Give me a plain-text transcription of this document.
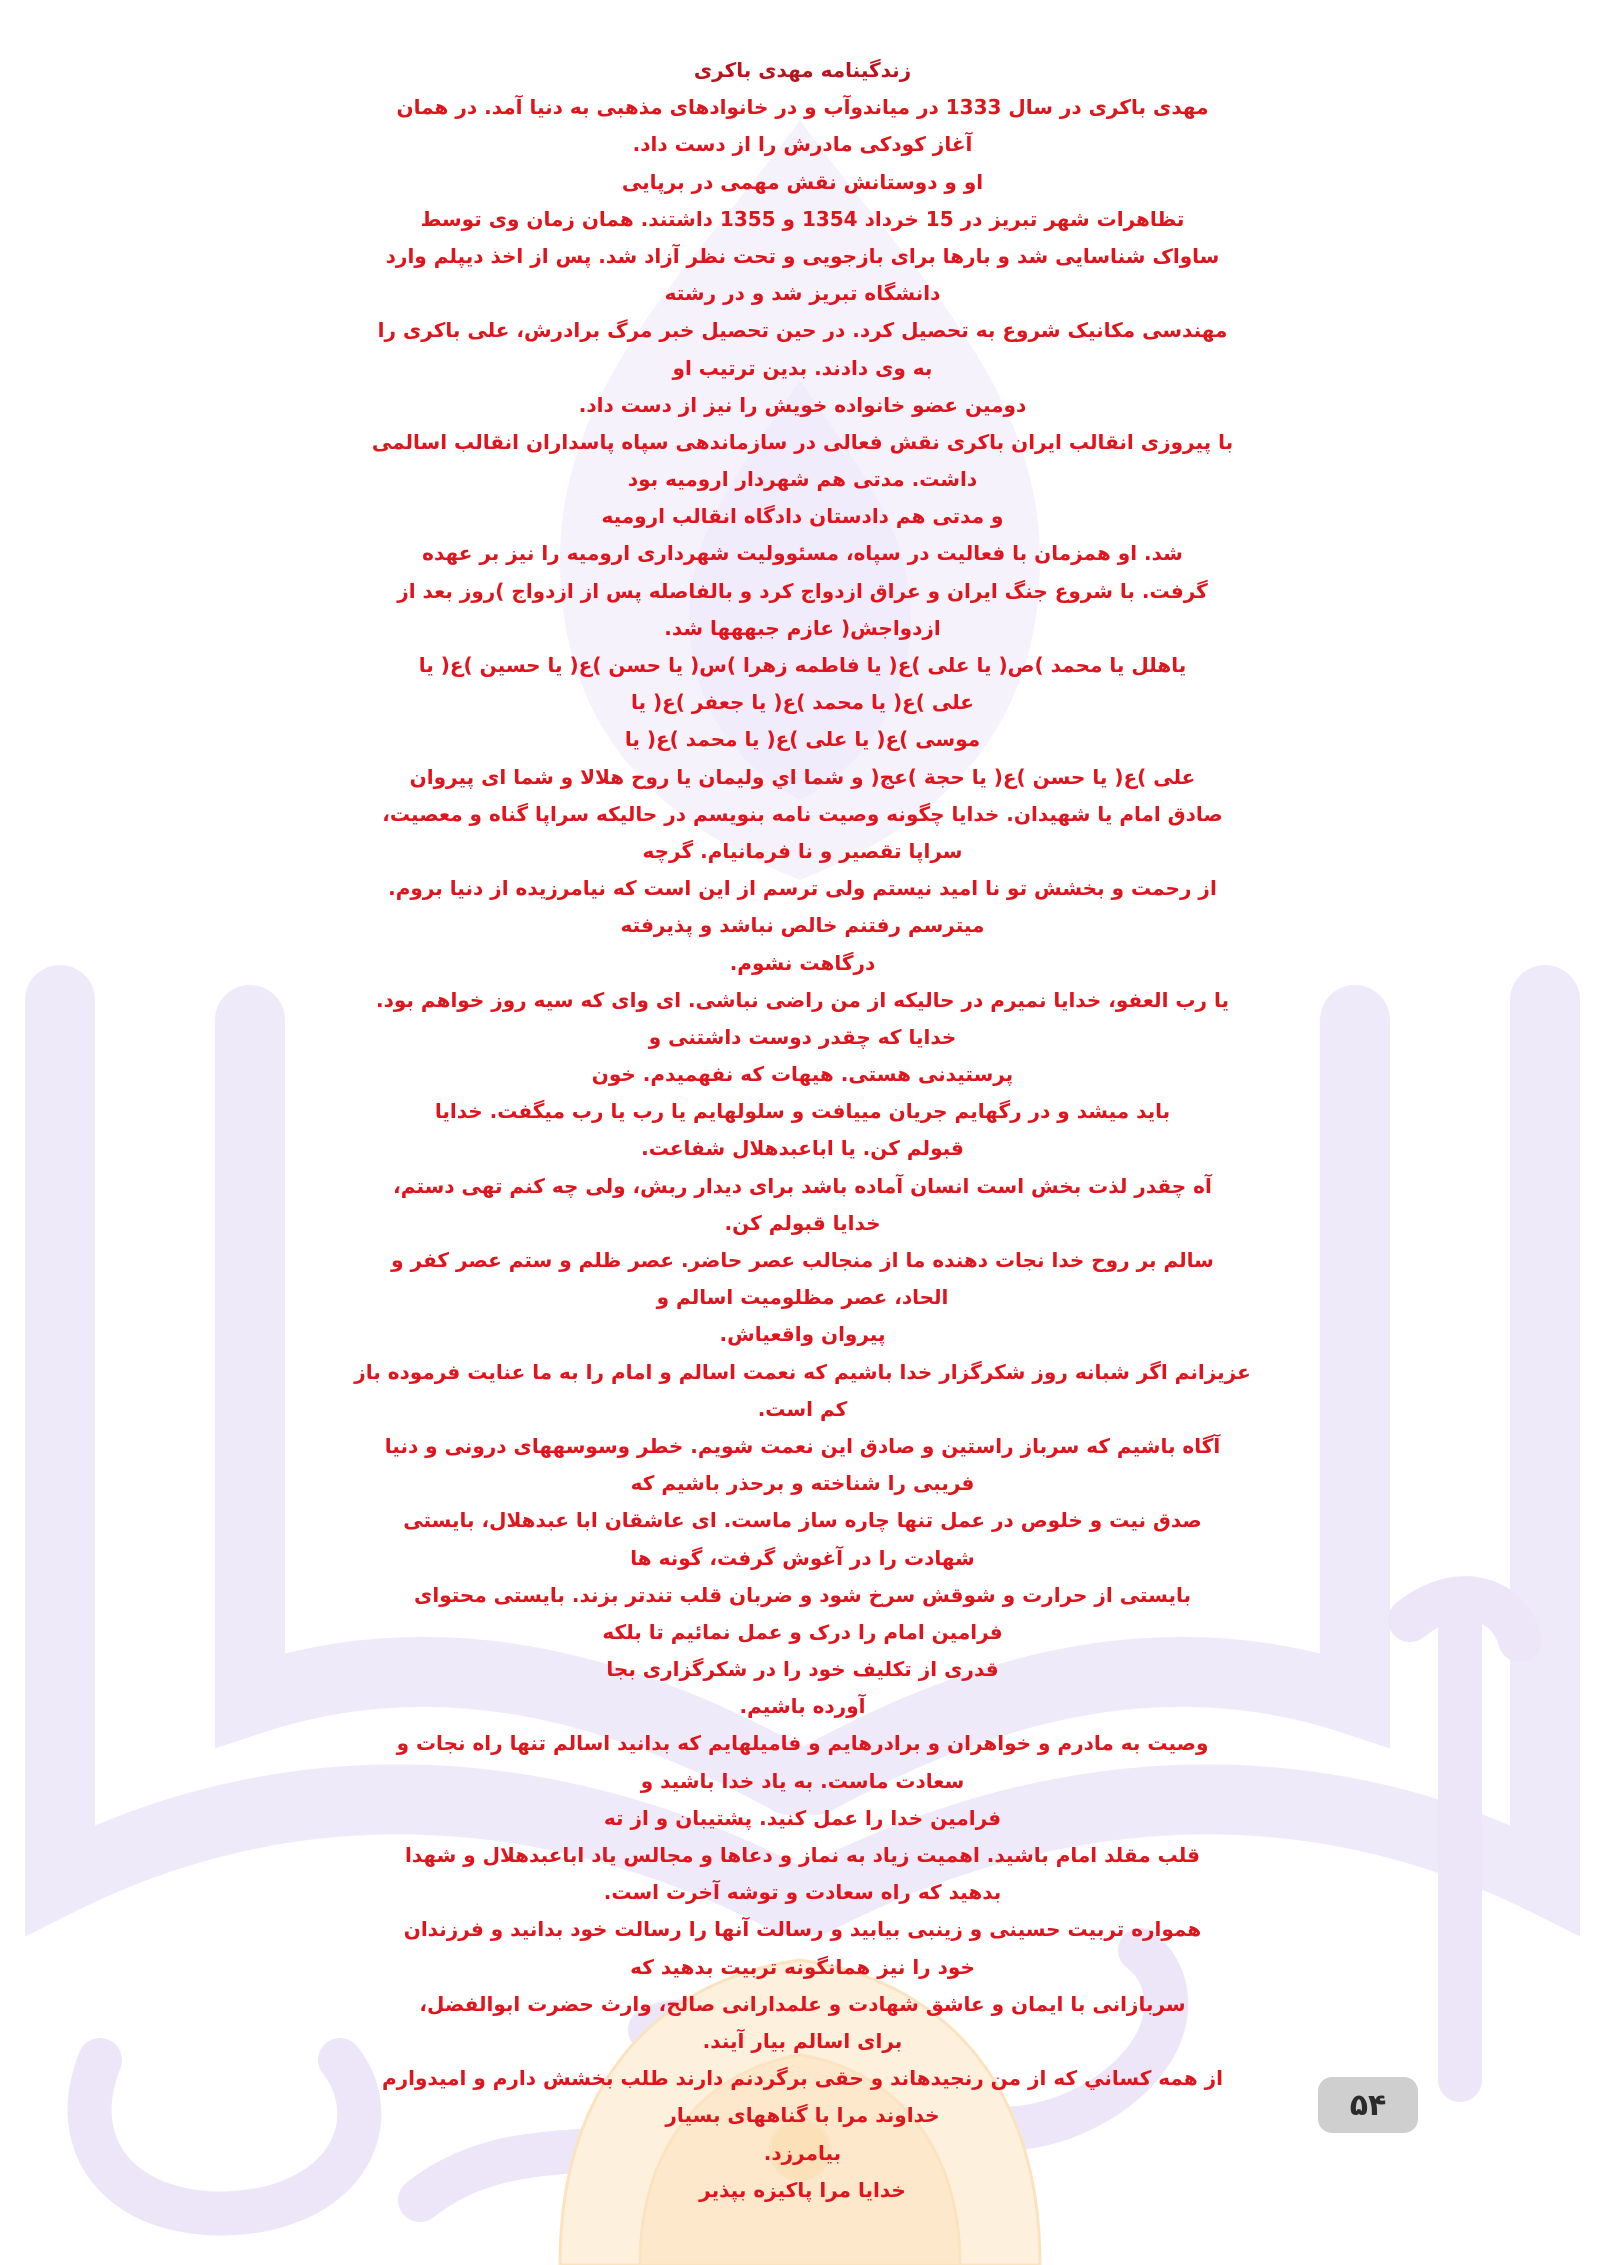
زندگینامه مهدی باکری
مهدی باکری در سال 1333 در میاندوآب و در خانوادهای مذهبی به دنیا آمد. در همان
آغاز کودکی مادرش را از دست داد.
او و دوستانش نقش مهمی در برپایی
تظاهرات شهر تبریز در 15 خرداد 1354 و 1355 داشتند. همان زمان وی توسط
ساواک شناسایی شد و بارها برای بازجویی و تحت نظر آزاد شد. پس از اخذ دیپلم وارد
دانشگاه تبریز شد و در رشته
مهندسی مکانیک شروع به تحصیل کرد. در حین تحصیل خبر مرگ برادرش، علی باکری را
به وی دادند. بدین ترتیب او
دومین عضو خانواده خویش را نیز از دست داد.
با پیروزی انقالب ایران باکری نقش فعالی در سازماندهی سپاه پاسداران انقالب اسالمی
داشت. مدتی هم شهردار ارومیه بود
و مدتی هم دادستان دادگاه انقالب ارومیه
شد. او همزمان با فعالیت در سپاه، مسئوولیت شهرداری ارومیه را نیز بر عهده
گرفت. با شروع جنگ ایران و عراق ازدواج کرد و بالفاصله پس از ازدواج )روز بعد از
ازدواجش( عازم جبههها شد.
یاهلل یا محمد )ص( یا علی )ع( یا فاطمه زهرا )س( یا حسن )ع( یا حسین )ع( یا
علی )ع( یا محمد )ع( یا جعفر )ع( یا
موسی )ع( یا علی )ع( یا محمد )ع( یا
علی )ع( یا حسن )ع( یا حجة )عج( و شما اي وليمان يا روح هلالا و شما ای پیروان
صادق امام یا شهیدان. خدایا چگونه وصیت نامه بنویسم در حالیکه سراپا گناه و معصیت،
سراپا تقصیر و نا فرمانیام. گرچه
از رحمت و بخشش تو نا امید نیستم ولی ترسم از این است که نیامرزیده از دنیا بروم.
میترسم رفتنم خالص نباشد و پذیرفته
درگاهت نشوم.
یا رب العفو، خدایا نمیرم در حالیکه از من راضی نباشی. ای وای که سیه روز خواهم بود.
خدایا که چقدر دوست داشتنی و
پرستیدنی هستی. هیهات که نفهمیدم. خون
باید میشد و در رگهایم جریان مییافت و سلولهایم یا رب یا رب میگفت. خدایا
قبولم کن. یا اباعبدهلال شفاعت.
آه چقدر لذت بخش است انسان آماده باشد برای دیدار ربش، ولی چه کنم تهی دستم،
خدایا قبولم کن.
سالم بر روح خدا نجات دهنده ما از منجالب عصر حاضر. عصر ظلم و ستم عصر کفر و
الحاد، عصر مظلومیت اسالم و
پیروان واقعیاش.
عزیزانم اگر شبانه روز شکرگزار خدا باشیم که نعمت اسالم و امام را به ما عنایت فرموده باز
کم است.
آگاه باشیم که سرباز راستین و صادق این نعمت شویم. خطر وسوسههای درونی و دنیا
فریبی را شناخته و برحذر باشیم که
صدق نیت و خلوص در عمل تنها چاره ساز ماست. ای عاشقان ابا عبدهلال، بایستی
شهادت را در آغوش گرفت، گونه ها
بایستی از حرارت و شوقش سرخ شود و ضربان قلب تندتر بزند. بایستی محتوای
فرامین امام را درک و عمل نمائیم تا بلکه
قدری از تکلیف خود را در شکرگزاری بجا
آورده باشیم.
وصیت به مادرم و خواهران و برادرهایم و فامیلهایم که بدانید اسالم تنها راه نجات و
سعادت ماست. به یاد خدا باشید و
فرامین خدا را عمل کنید. پشتیبان و از ته
قلب مقلد امام باشید. اهمیت زیاد به نماز و دعاها و مجالس یاد اباعبدهلال و شهدا
بدهید که راه سعادت و توشه آخرت است.
همواره تربیت حسینی و زینبی بیابید و رسالت آنها را رسالت خود بدانید و فرزندان
خود را نیز همانگونه تربیت بدهید که
سربازانی با ایمان و عاشق شهادت و علمدارانی صالح، وارث حضرت ابوالفضل،
برای اسالم بیار آیند.
از همه کساني که از من رنجیدهاند و حقی برگردنم دارند طلب بخشش دارم و امیدوارم
خداوند مرا با گناههای بسیار
بیامرزد.
خدایا مرا پاکیزه بپذیر
۵۴
